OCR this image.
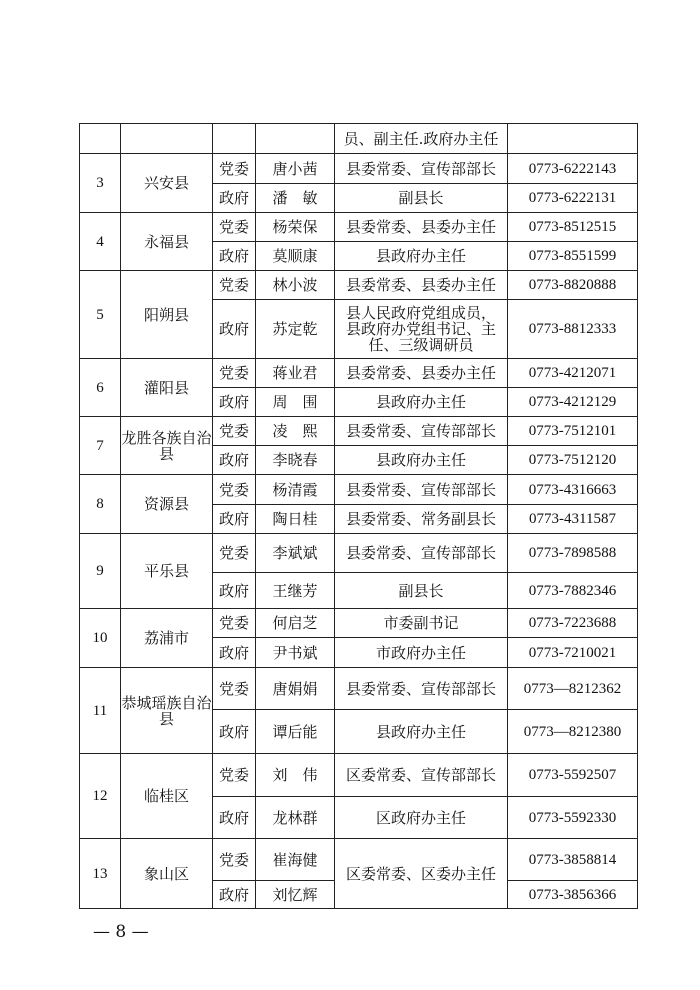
				员、副主任.政府办主任	
3	兴安县	党委	唐小茜	县委常委、宣传部部长	0773-6222143
		政府	潘　敏	副县长	0773-6222131
4	永福县	党委	杨荣保	县委常委、县委办主任	0773-8512515
		政府	莫顺康	县政府办主任	0773-8551599
5	阳朔县	党委	林小波	县委常委、县委办主任	0773-8820888
		政府	苏定乾	县人民政府党组成员，县政府办党组书记、主任、三级调研员	0773-8812333
6	灌阳县	党委	蒋业君	县委常委、县委办主任	0773-4212071
		政府	周　围	县政府办主任	0773-4212129
7	龙胜各族自治县	党委	凌　熙	县委常委、宣传部部长	0773-7512101
		政府	李晓春	县政府办主任	0773-7512120
8	资源县	党委	杨清霞	县委常委、宣传部部长	0773-4316663
		政府	陶日桂	县委常委、常务副县长	0773-4311587
9	平乐县	党委	李斌斌	县委常委、宣传部部长	0773-7898588
		政府	王继芳	副县长	0773-7882346
10	荔浦市	党委	何启芝	市委副书记	0773-7223688
		政府	尹书斌	市政府办主任	0773-7210021
11	恭城瑶族自治县	党委	唐娟娟	县委常委、宣传部部长	0773—8212362
		政府	谭后能	县政府办主任	0773—8212380
12	临桂区	党委	刘　伟	区委常委、宣传部部长	0773-5592507
		政府	龙林群	区政府办主任	0773-5592330
13	象山区	党委	崔海健	区委常委、区委办主任	0773-3858814
		政府	刘忆辉		0773-3856366
— 8 —
